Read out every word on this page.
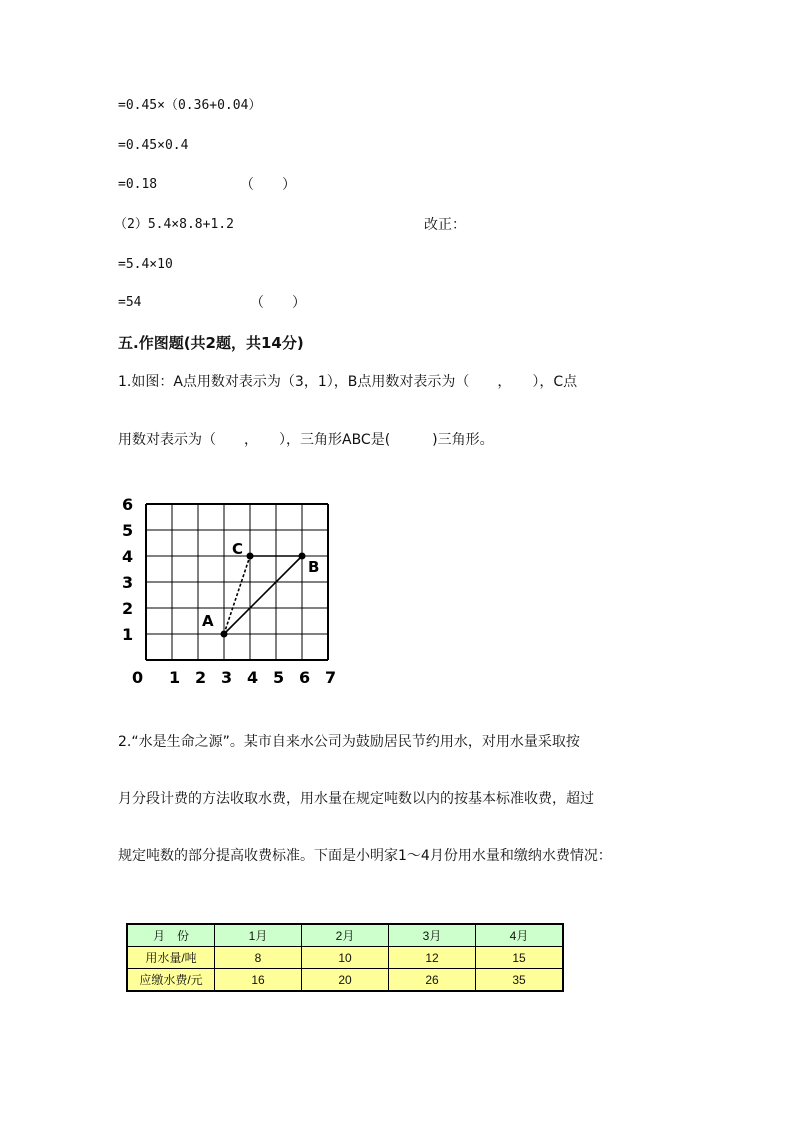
=0.45×（0.36+0.04）
=0.45×0.4
=0.18	（　　）
（2）5.4×8.8+1.2	改正：
=5.4×10
=54	（　　）
五.作图题(共2题，共14分)
1.如图：A点用数对表示为（3，1），B点用数对表示为（　　，　　），C点
用数对表示为（　　，　　），三角形ABC是(　　　)三角形。
0 1 2 3 4 5 6 7
1
2
3
4
5
6
A
B
C
2.“水是生命之源”。某市自来水公司为鼓励居民节约用水，对用水量采取按
月分段计费的方法收取水费，用水量在规定吨数以内的按基本标准收费，超过
规定吨数的部分提高收费标准。下面是小明家1～4月份用水量和缴纳水费情况：
月　份	1月	2月	3月	4月
用水量/吨	8	10	12	15
应缴水费/元	16	20	26	35
